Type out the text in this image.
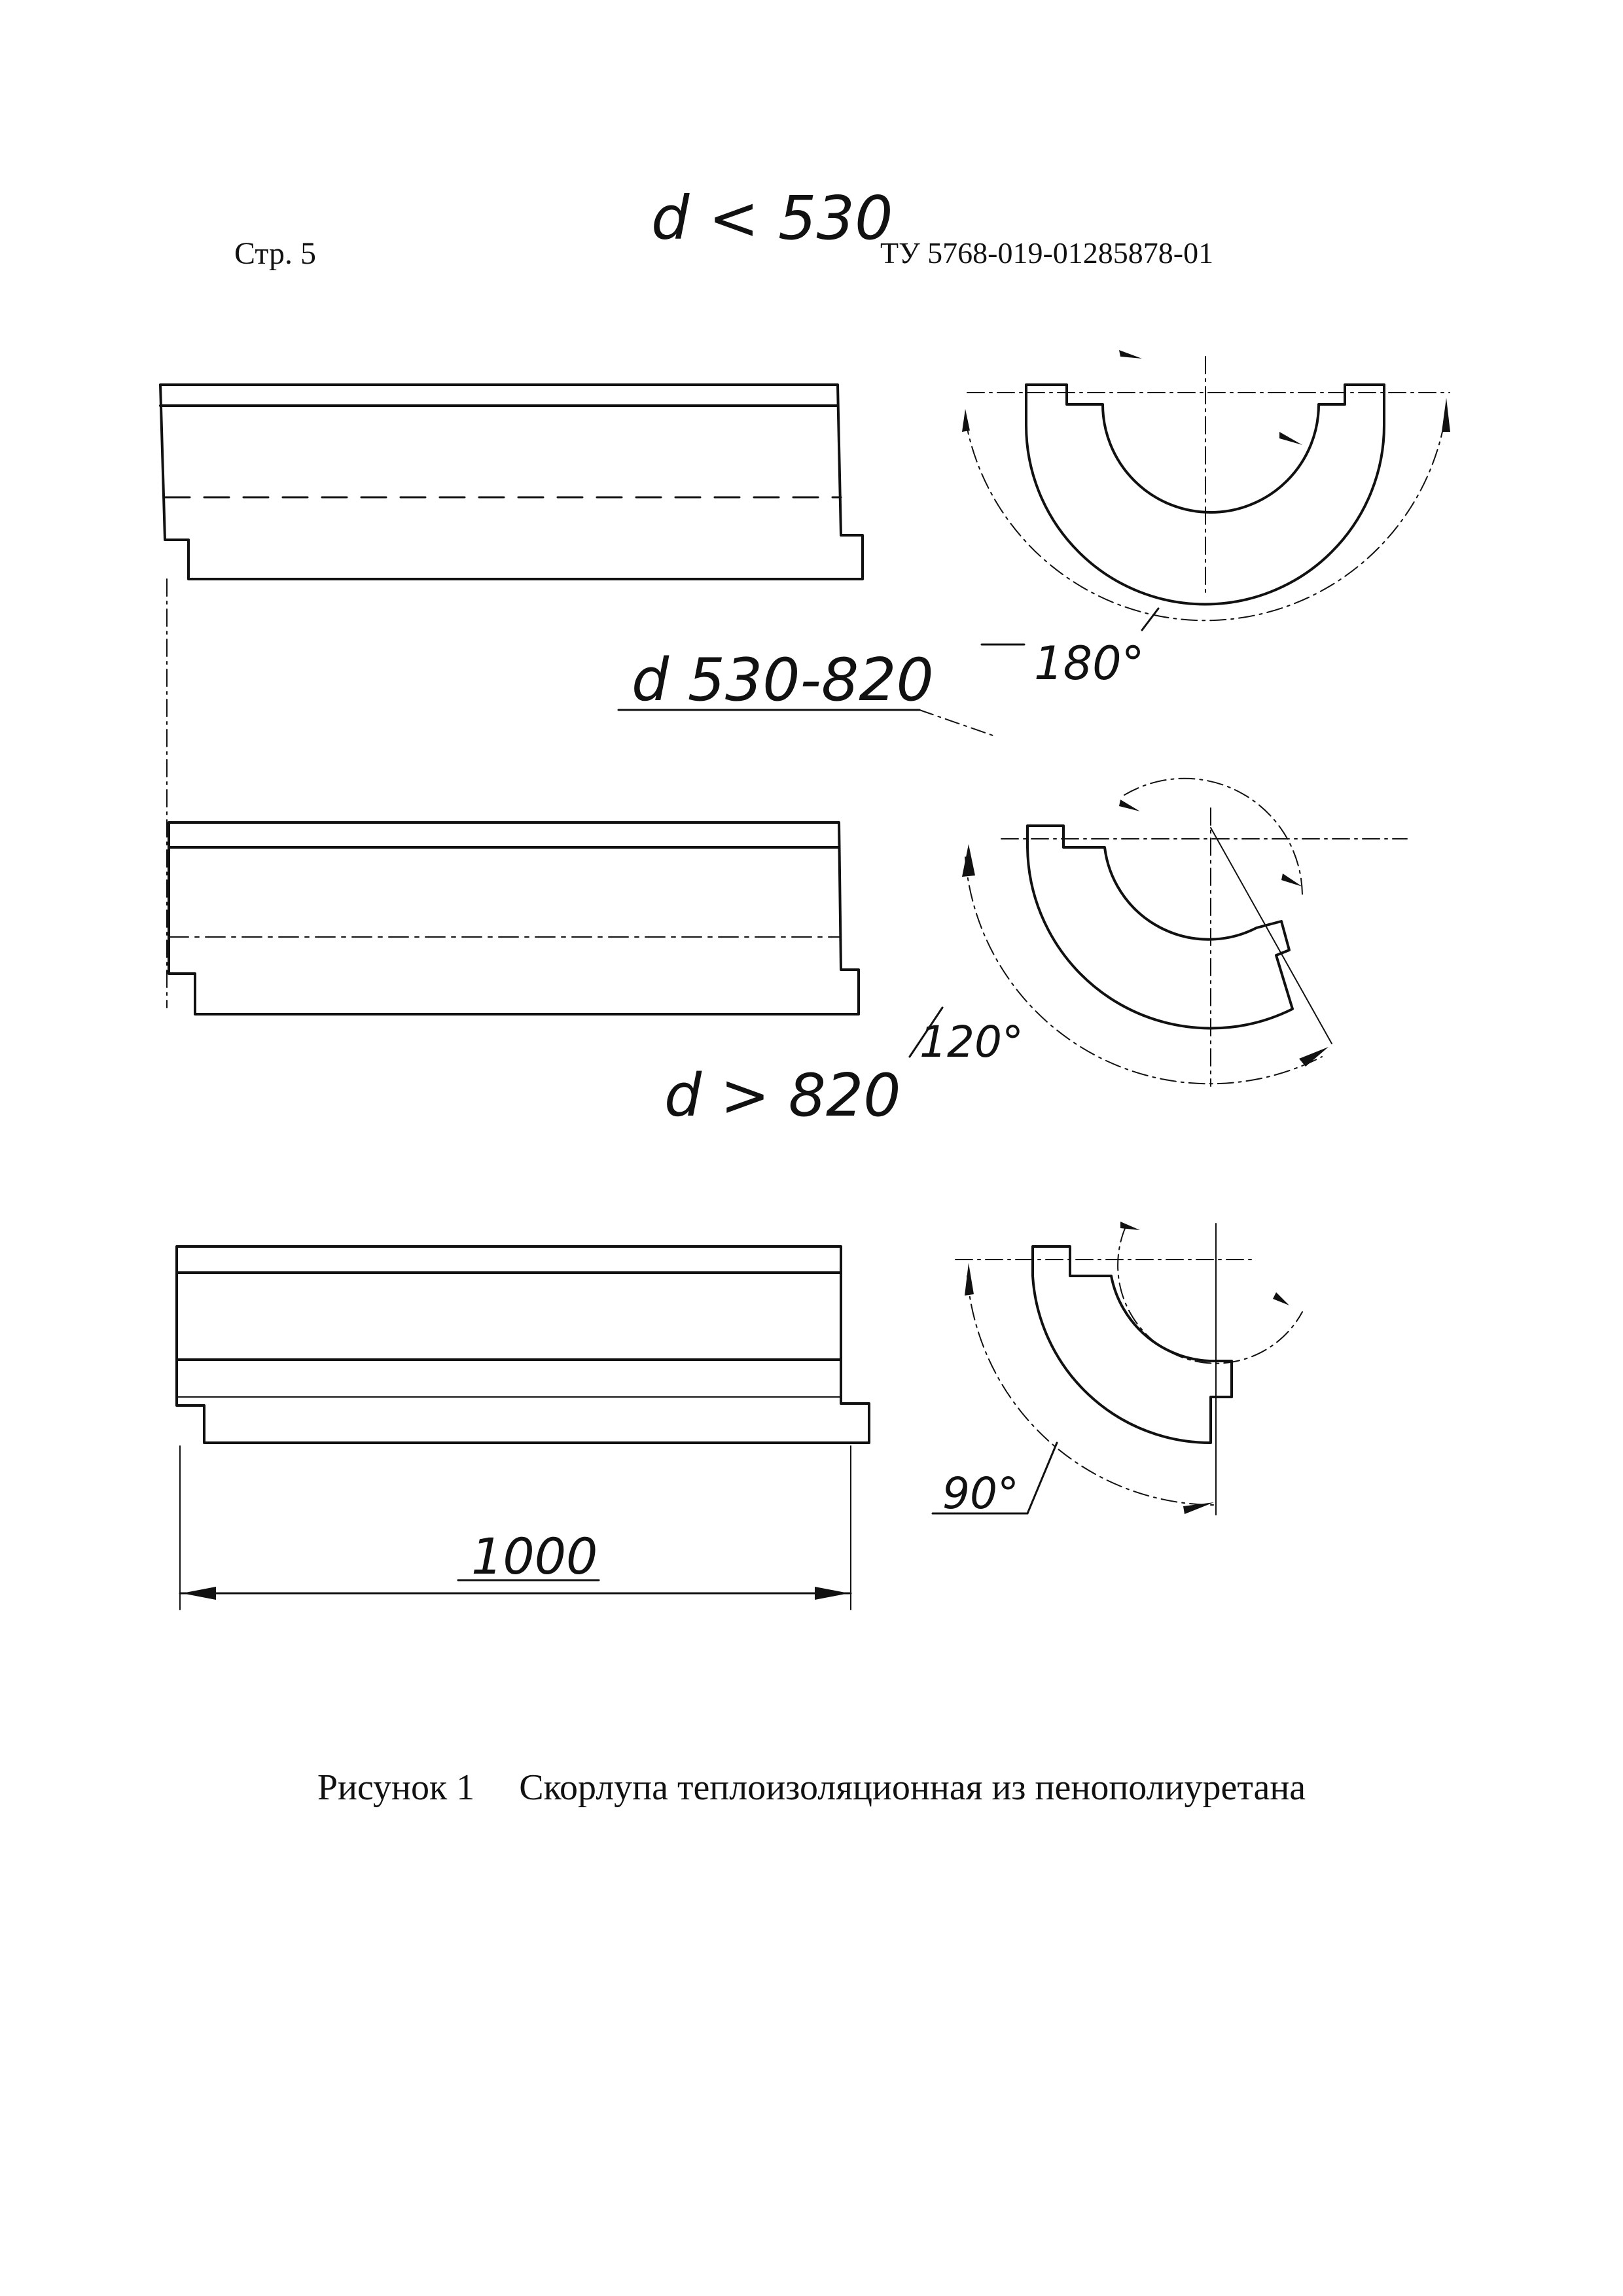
Стр. 5	ТУ 5768-019-01285878-01
d < 530
180°
d 530-820
120°
d > 820
90°
1000
Рисунок 1 Скорлупа теплоизоляционная из пенополиуретана
